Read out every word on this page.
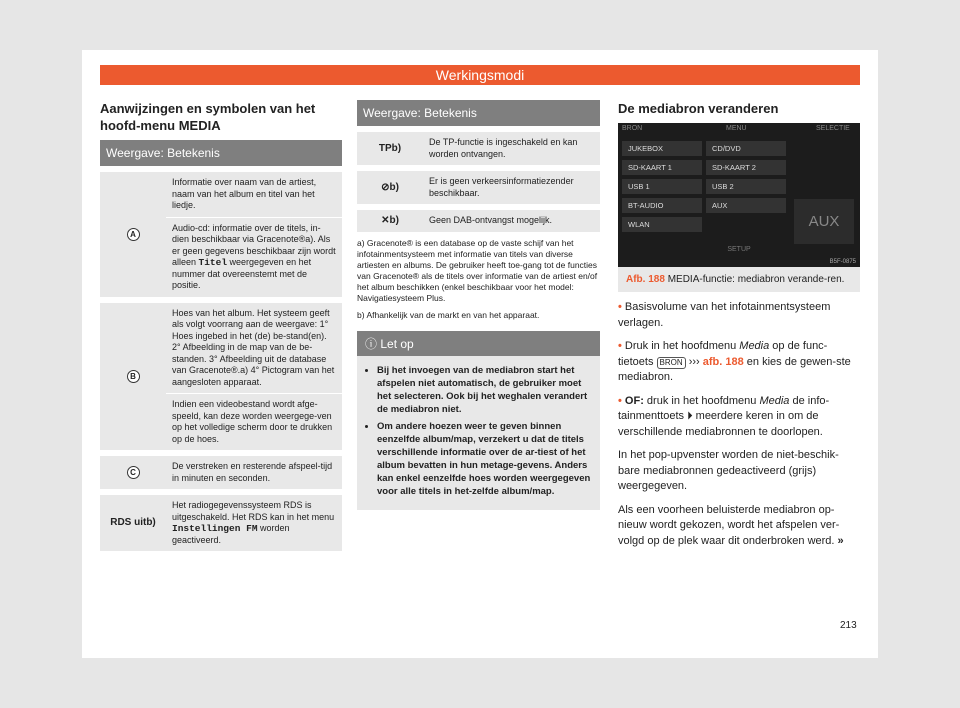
Werkingsmodi
Aanwijzingen en symbolen van het hoofd-menu MEDIA
Weergave: Betekenis
A	Informatie over naam van de artiest, naam van het album en titel van het liedje.
	Audio-cd: informatie over de titels, in-dien beschikbaar via Gracenote®a). Als er geen gegevens beschikbaar zijn wordt alleen Titel weergegeven en het nummer dat overeenstemt met de positie.
B	Hoes van het album. Het systeem geeft als volgt voorrang aan de weergave: 1° Hoes ingebed in het (de) be-stand(en). 2° Afbeelding in de map van de be-standen. 3° Afbeelding uit de database van Gracenote®.a) 4° Pictogram van het aangesloten apparaat.
	Indien een videobestand wordt afge-speeld, kan deze worden weergege-ven op het volledige scherm door te drukken op de hoes.
C	De verstreken en resterende afspeel-tijd in minuten en seconden.
RDS uitb)	Het radiogegevenssysteem RDS is uitgeschakeld. Het RDS kan in het menu Instellingen FM worden geactiveerd.
Weergave: Betekenis
TPb)	De TP-functie is ingeschakeld en kan worden ontvangen.
⊘b)	Er is geen verkeersinformatiezender beschikbaar.
✕b)	Geen DAB-ontvangst mogelijk.

a) Gracenote® is een database op de vaste schijf van het infotainmentsysteem met informatie van titels van diverse artiesten en albums. De gebruiker heeft toe-gang tot de functies van Gracenote® als de titels over informatie van de artiest en/of het album beschikken (enkel beschikbaar voor het model: Navigatiesysteem Plus.

b) Afhankelijk van de markt en van het apparaat.

ⓘ Let op
• Bij het invoegen van de mediabron start het afspelen niet automatisch, de gebruiker moet het selecteren. Ook bij het weghalen verandert de mediabron niet.
• Om andere hoezen weer te geven binnen eenzelfde album/map, verzekert u dat de titels verschillende informatie over de ar-tiest of het album bevatten in hun metage-gevens. Anders kan enkel eenzelfde hoes worden weergegeven voor alle titels in het-zelfde album/map.
De mediabron veranderen
BRON	MENU	SELECTIE
JUKEBOX	CD/DVD
SD-KAART 1	SD-KAART 2
USB 1	USB 2
BT-AUDIO	AUX
WLAN	AUX
SETUP
B5F-0875
Afb. 188 MEDIA-functie: mediabron verande-ren.

• Basisvolume van het infotainmentsysteem verlagen.

• Druk in het hoofdmenu Media op de func-tietoets BRON ››› afb. 188 en kies de gewen-ste mediabron.

• OF: druk in het hoofdmenu Media de info-tainmenttoets ⏵ meerdere keren in om de verschillende mediabronnen te doorlopen.

In het pop-upvenster worden de niet-beschik-bare mediabronnen gedeactiveerd (grijs) weergegeven.

Als een voorheen beluisterde mediabron op-nieuw wordt gekozen, wordt het afspelen ver-volgd op de plek waar dit onderbroken werd. »

213
